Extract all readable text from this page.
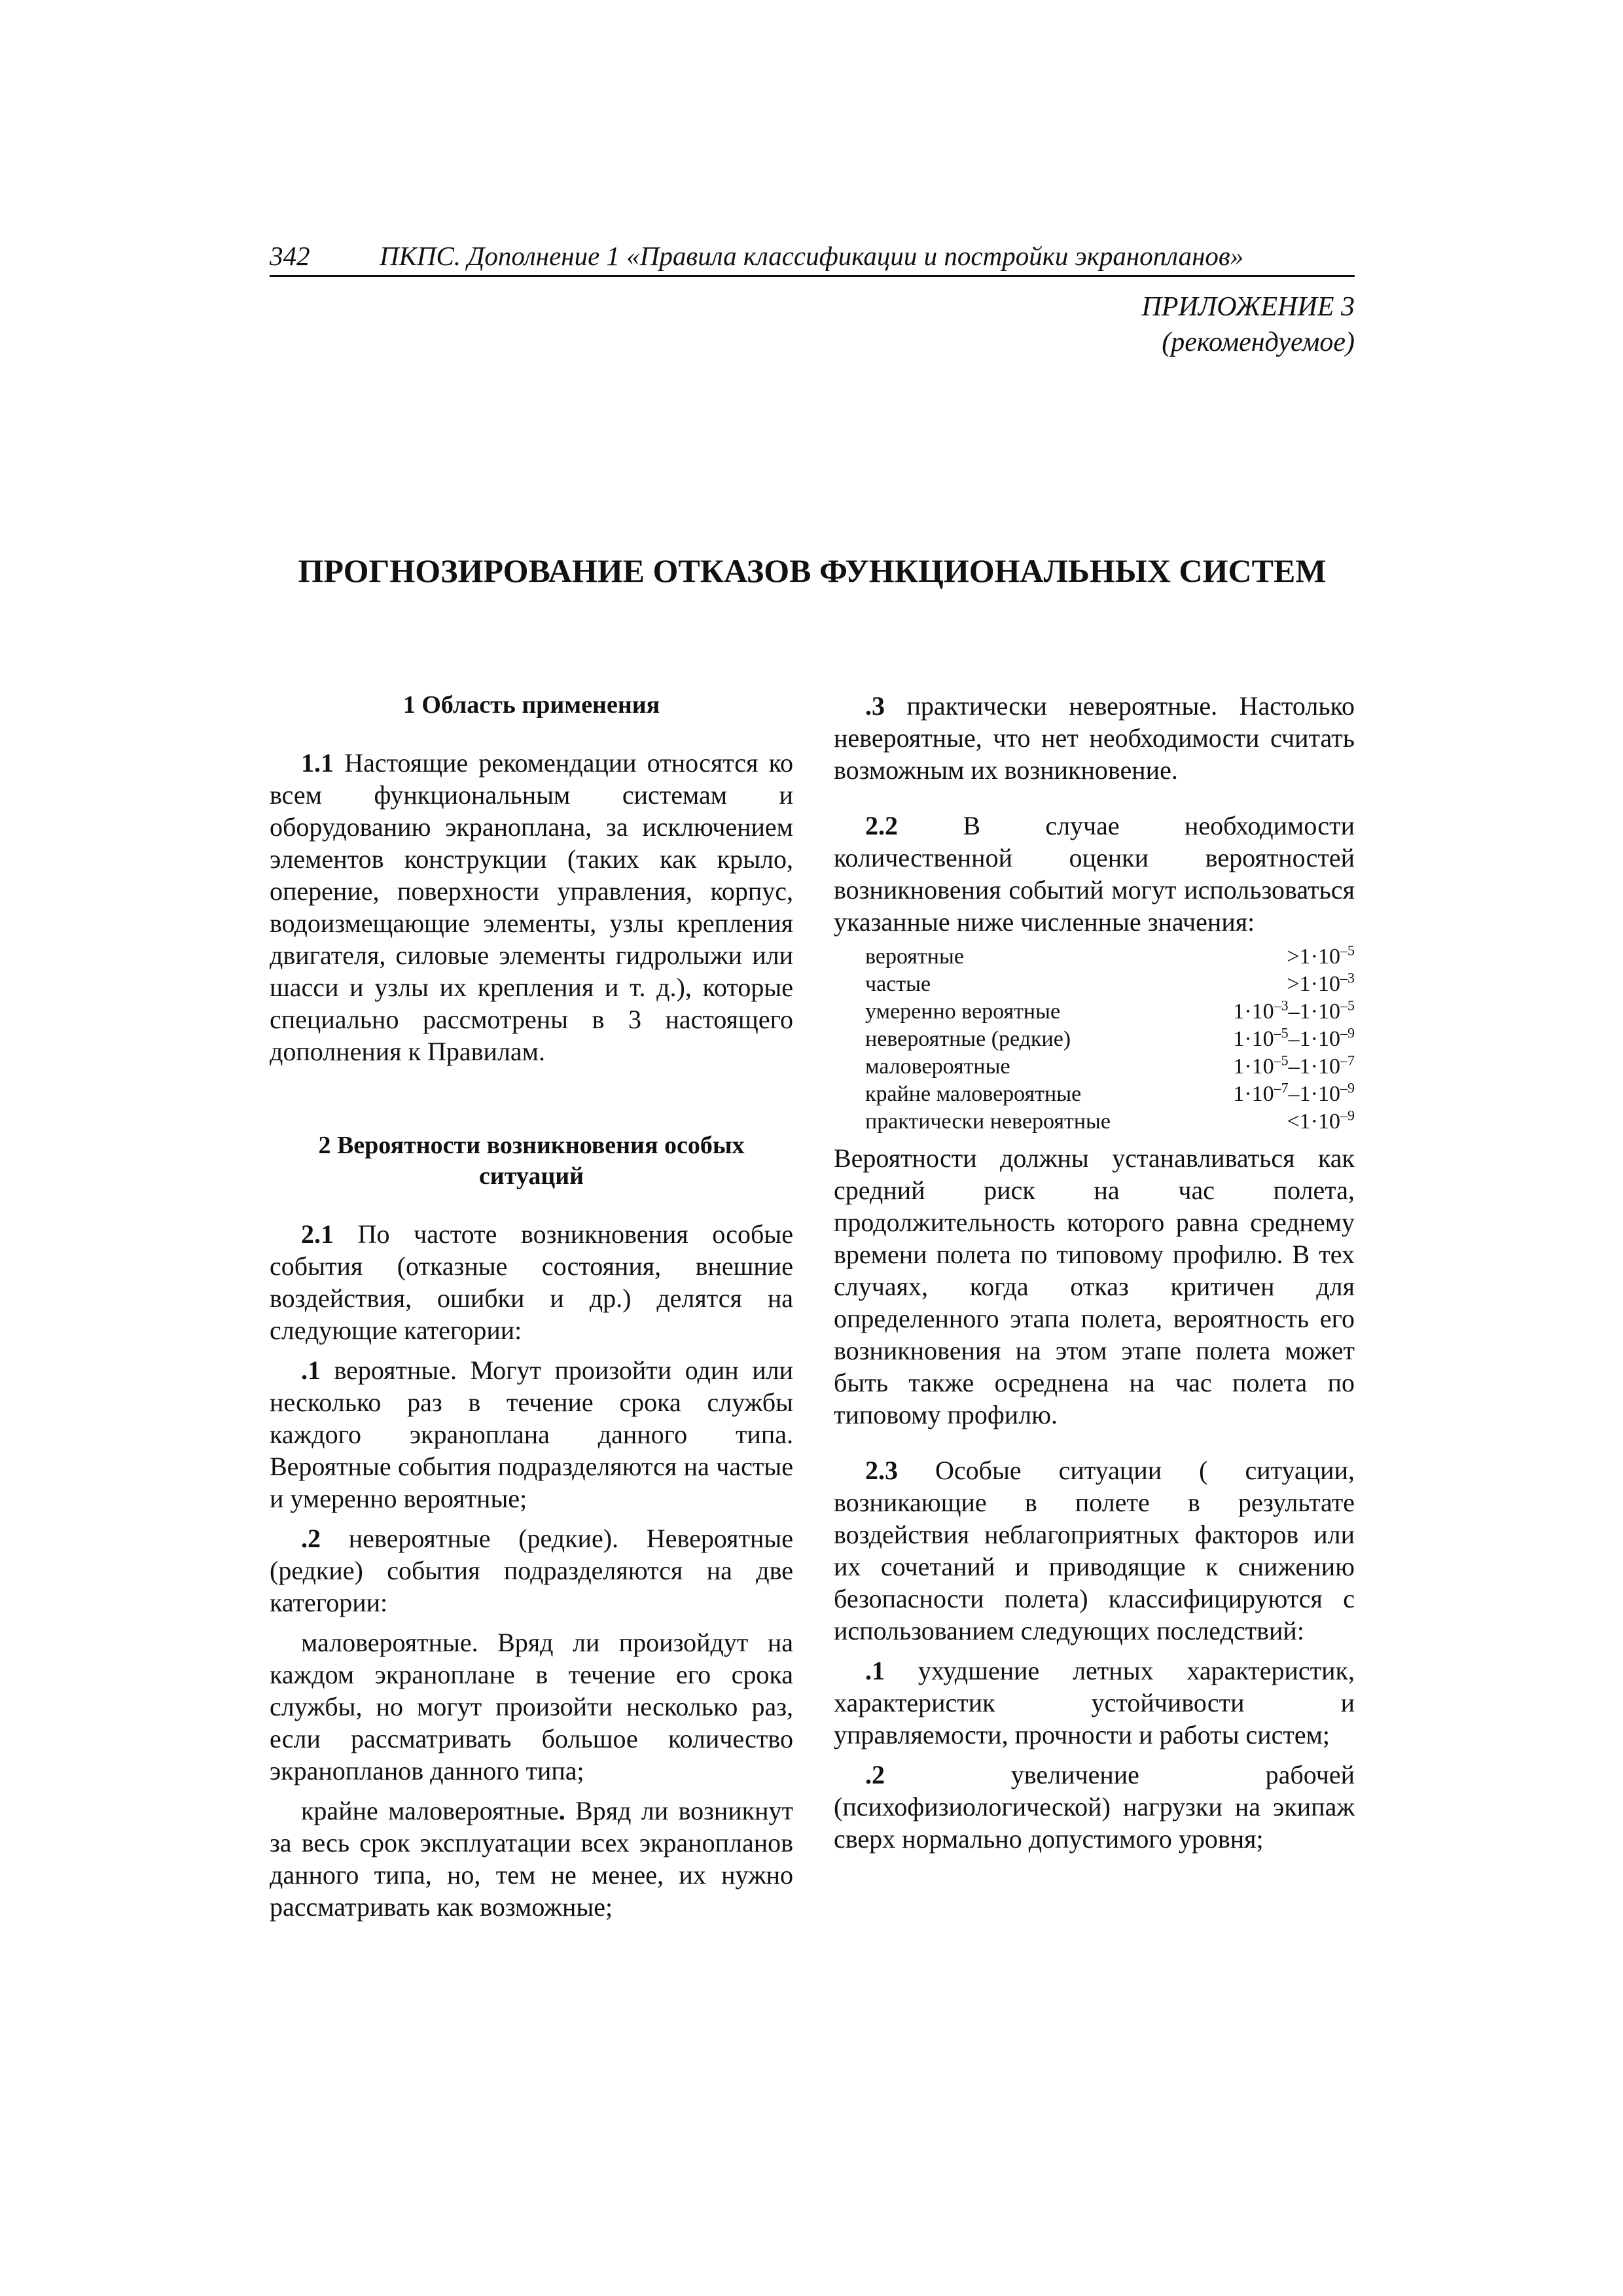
342	ПКПС. Дополнение 1 «Правила классификации и постройки экранопланов»
ПРИЛОЖЕНИЕ 3
(рекомендуемое)
ПРОГНОЗИРОВАНИЕ ОТКАЗОВ ФУНКЦИОНАЛЬНЫХ СИСТЕМ
1 Область применения

1.1 Настоящие рекомендации относятся ко всем функциональным системам и оборудованию экраноплана, за исключением элементов конструкции (таких как крыло, оперение, поверхности управления, корпус, водоизмещающие элементы, узлы крепления двигателя, силовые элементы гидролыжи или шасси и узлы их крепления и т. д.), которые специально рассмотрены в 3 настоящего дополнения к Правилам.

2 Вероятности возникновения особых
ситуаций

2.1 По частоте возникновения особые события (отказные состояния, внешние воздействия, ошибки и др.) делятся на следующие категории:

.1 вероятные. Могут произойти один или несколько раз в течение срока службы каждого экраноплана данного типа. Вероятные события подразделяются на частые и умеренно вероятные;

.2 невероятные (редкие). Невероятные (редкие) события подразделяются на две категории:

маловероятные. Вряд ли произойдут на каждом экраноплане в течение его срока службы, но могут произойти несколько раз, если рассматривать большое количество экранопланов данного типа;

крайне маловероятные. Вряд ли возникнут за весь срок эксплуатации всех экранопланов данного типа, но, тем не менее, их нужно рассматривать как возможные;

.3 практически невероятные. Настолько невероятные, что нет необходимости считать возможным их возникновение.

2.2 В случае необходимости количественной оценки вероятностей возникновения событий могут использоваться указанные ниже численные значения:

вероятные	$>1\cdot 10^{-5}$
частые	$>1\cdot 10^{-3}$
умеренно вероятные	$1\cdot 10^{-3}-1\cdot 10^{-5}$
невероятные (редкие)	$1\cdot 10^{-5}-1\cdot 10^{-9}$
маловероятные	$1\cdot 10^{-5}-1\cdot 10^{-7}$
крайне маловероятные	$1\cdot 10^{-7}-1\cdot 10^{-9}$
практически невероятные	$<1\cdot 10^{-9}$

Вероятности должны устанавливаться как средний риск на час полета, продолжительность которого равна среднему времени полета по типовому профилю. В тех случаях, когда отказ критичен для определенного этапа полета, вероятность его возникновения на этом этапе полета может быть также осреднена на час полета по типовому профилю.

2.3 Особые ситуации ( ситуации, возникающие в полете в результате воздействия неблагоприятных факторов или их сочетаний и приводящие к снижению безопасности полета) классифицируются с использованием следующих последствий:

.1 ухудшение летных характеристик, характеристик устойчивости и управляемости, прочности и работы систем;

.2 увеличение рабочей (психофизиологической) нагрузки на экипаж сверх нормально допустимого уровня;
